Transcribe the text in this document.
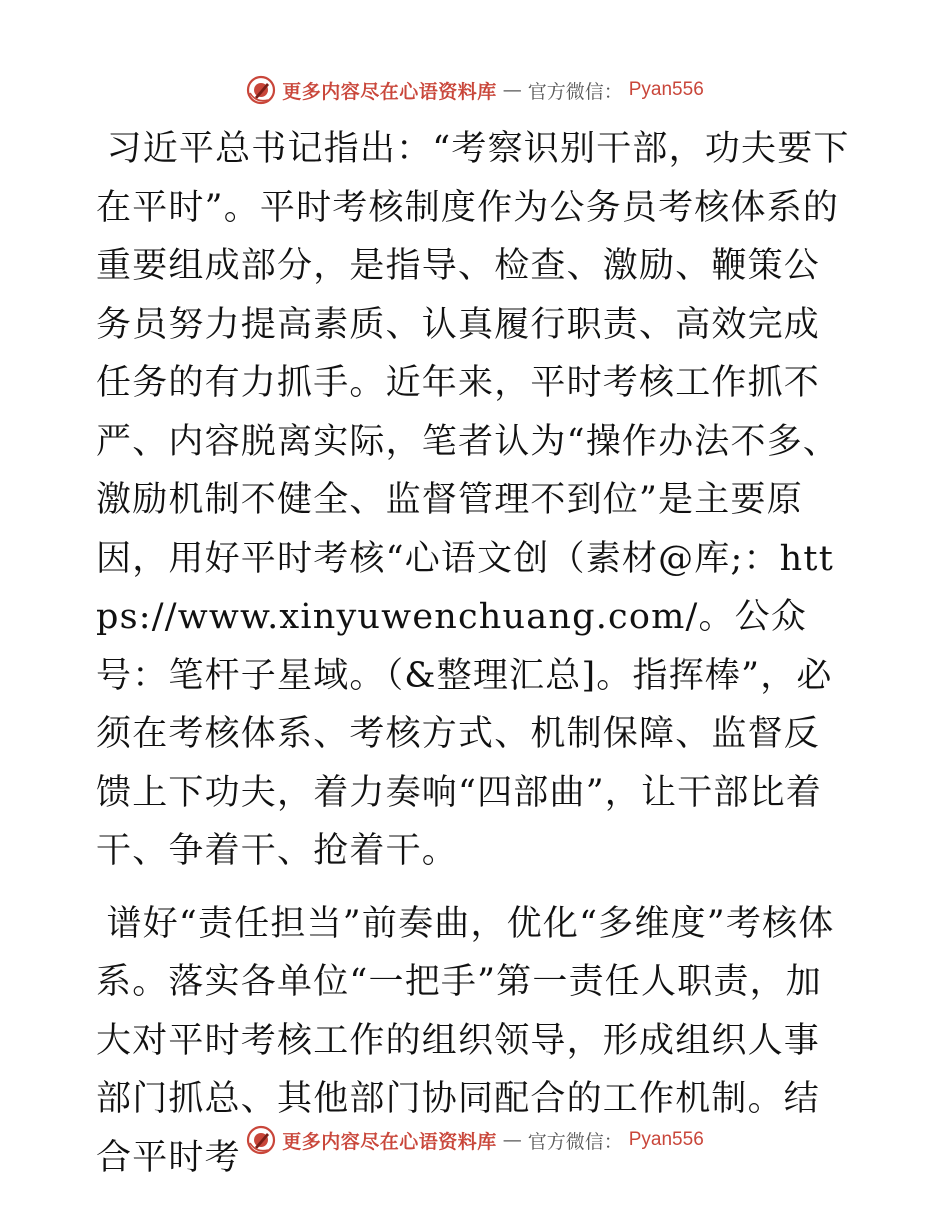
更多内容尽在心语资料库 — 官方微信： Pyan556

习近平总书记指出：“考察识别干部，功夫要下在平时”。平时考核制度作为公务员考核体系的重要组成部分，是指导、检查、激励、鞭策公务员努力提高素质、认真履行职责、高效完成任务的有力抓手。近年来，平时考核工作抓不严、内容脱离实际，笔者认为“操作办法不多、激励机制不健全、监督管理不到位”是主要原因，用好平时考核“心语文创（素材@库;：https://www.xinyuwenchuang.com/。公众号：笔杆子星域。（&整理汇总]。指挥棒”，必须在考核体系、考核方式、机制保障、监督反馈上下功夫，着力奏响“四部曲”，让干部比着干、争着干、抢着干。

谱好“责任担当”前奏曲，优化“多维度”考核体系。落实各单位“一把手”第一责任人职责，加大对平时考核工作的组织领导，形成组织人事部门抓总、其他部门协同配合的工作机制。结合平时考	更多内容尽在心语资料库 — 官方微信： Pyan556
